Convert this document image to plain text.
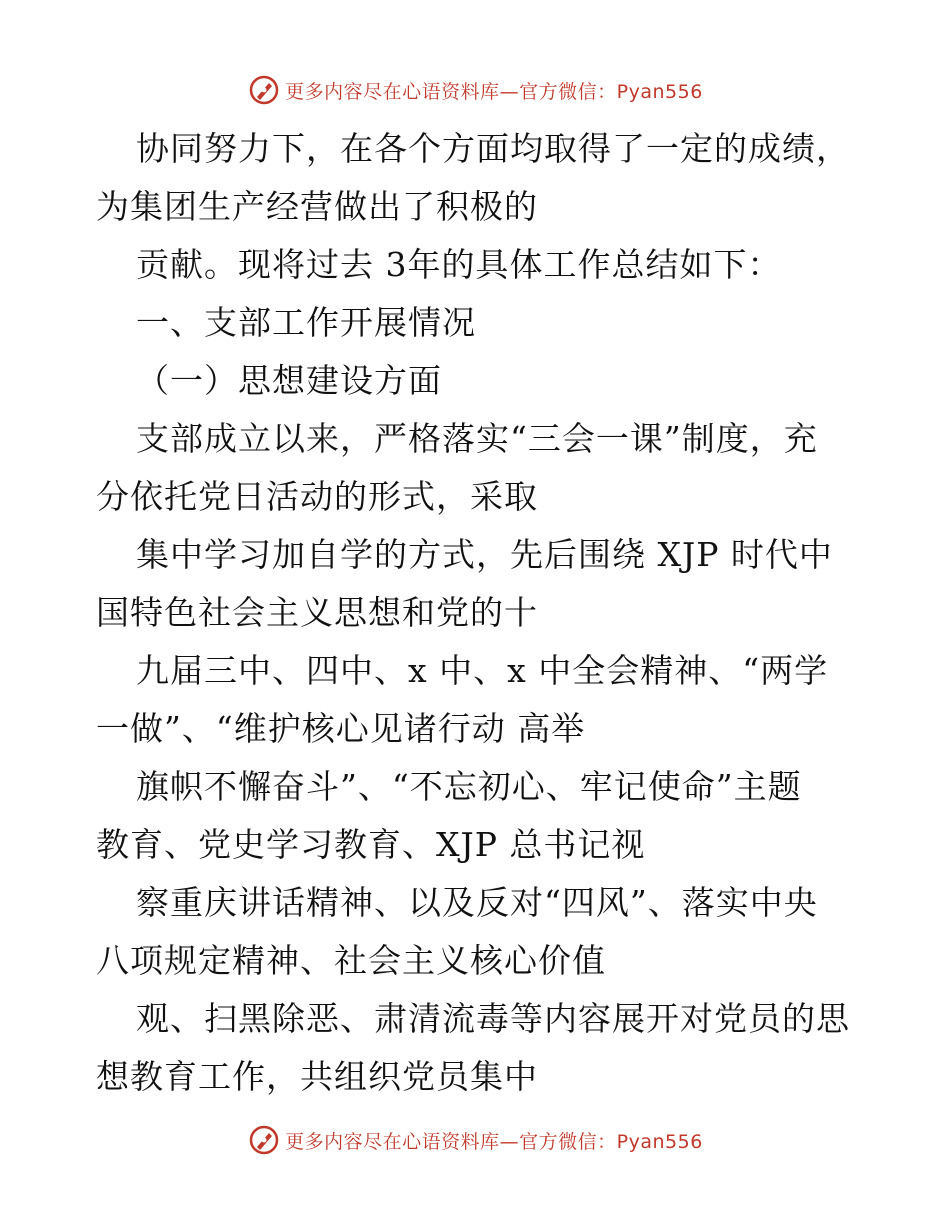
更多内容尽在心语资料库—官方微信：Pyan556
协同努力下，在各个方面均取得了一定的成绩，
为集团生产经营做出了积极的
贡献。现将过去 3年的具体工作总结如下：
一、支部工作开展情况
（一）思想建设方面
支部成立以来，严格落实“三会一课”制度，充
分依托党日活动的形式，采取
集中学习加自学的方式，先后围绕 XJP 时代中
国特色社会主义思想和党的十
九届三中、四中、x 中、x 中全会精神、“两学
一做”、“维护核心见诸行动 高举
旗帜不懈奋斗”、“不忘初心、牢记使命”主题
教育、党史学习教育、XJP 总书记视
察重庆讲话精神、以及反对“四风”、落实中央
八项规定精神、社会主义核心价值
观、扫黑除恶、肃清流毒等内容展开对党员的思
想教育工作，共组织党员集中
更多内容尽在心语资料库—官方微信：Pyan556
